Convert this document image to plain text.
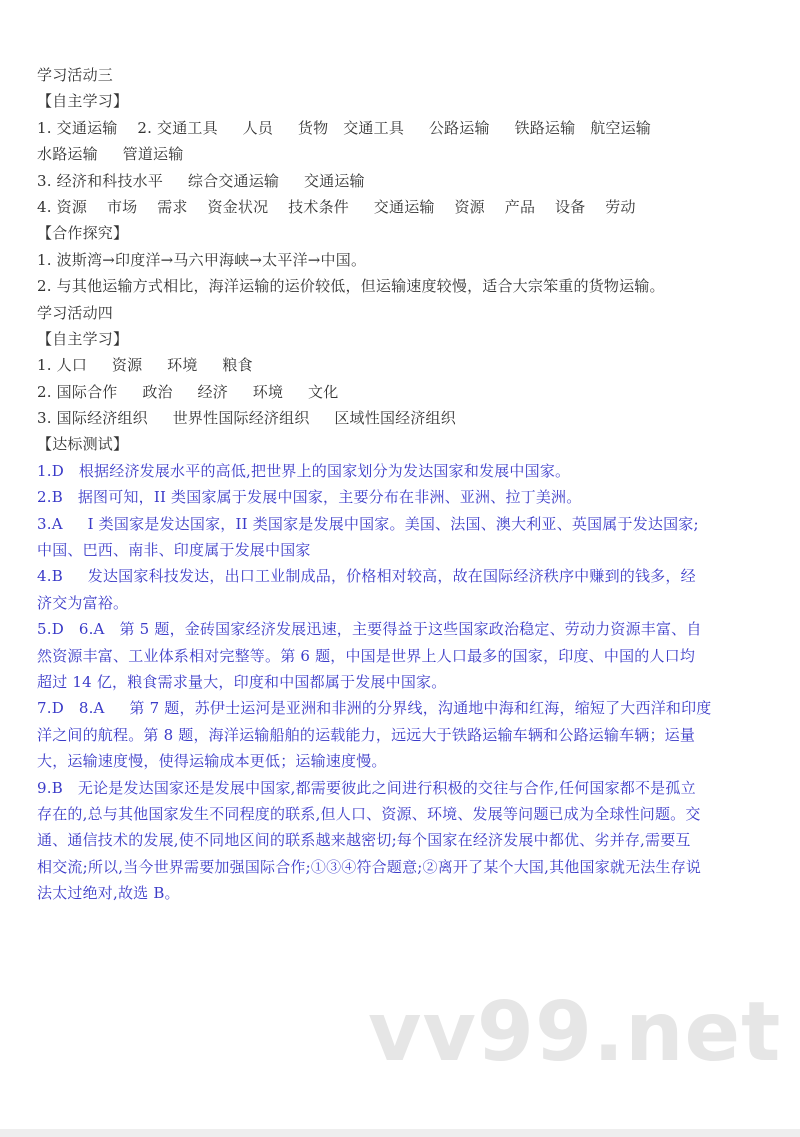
学习活动三
【自主学习】
1. 交通运输    2. 交通工具     人员     货物   交通工具     公路运输     铁路运输   航空运输
水路运输     管道运输
3. 经济和科技水平     综合交通运输     交通运输
4. 资源    市场    需求    资金状况    技术条件     交通运输    资源    产品    设备    劳动
【合作探究】
1. 波斯湾→印度洋→马六甲海峡→太平洋→中国。
2. 与其他运输方式相比，海洋运输的运价较低，但运输速度较慢，适合大宗笨重的货物运输。
学习活动四
【自主学习】
1. 人口     资源     环境     粮食
2. 国际合作     政治     经济     环境     文化
3. 国际经济组织     世界性国际经济组织     区域性国经济组织
【达标测试】
1.D   根据经济发展水平的高低,把世界上的国家划分为发达国家和发展中国家。
2.B   据图可知，II 类国家属于发展中国家，主要分布在非洲、亚洲、拉丁美洲。
3.A     I 类国家是发达国家，II 类国家是发展中国家。美国、法国、澳大利亚、英国属于发达国家;
中国、巴西、南非、印度属于发展中国家
4.B     发达国家科技发达，出口工业制成品，价格相对较高，故在国际经济秩序中赚到的钱多，经
济交为富裕。
5.D   6.A   第 5 题，金砖国家经济发展迅速，主要得益于这些国家政治稳定、劳动力资源丰富、自
然资源丰富、工业体系相对完整等。第 6 题，中国是世界上人口最多的国家，印度、中国的人口均
超过 14 亿，粮食需求量大，印度和中国都属于发展中国家。
7.D   8.A     第 7 题，苏伊士运河是亚洲和非洲的分界线，沟通地中海和红海，缩短了大西洋和印度
洋之间的航程。第 8 题，海洋运输船舶的运载能力，远远大于铁路运输车辆和公路运输车辆；运量
大，运输速度慢，使得运输成本更低；运输速度慢。
9.B   无论是发达国家还是发展中国家,都需要彼此之间进行积极的交往与合作,任何国家都不是孤立
存在的,总与其他国家发生不同程度的联系,但人口、资源、环境、发展等问题已成为全球性问题。交
通、通信技术的发展,使不同地区间的联系越来越密切;每个国家在经济发展中都优、劣并存,需要互
相交流;所以,当今世界需要加强国际合作;①③④符合题意;②离开了某个大国,其他国家就无法生存说
法太过绝对,故选 B。
vv99.net
